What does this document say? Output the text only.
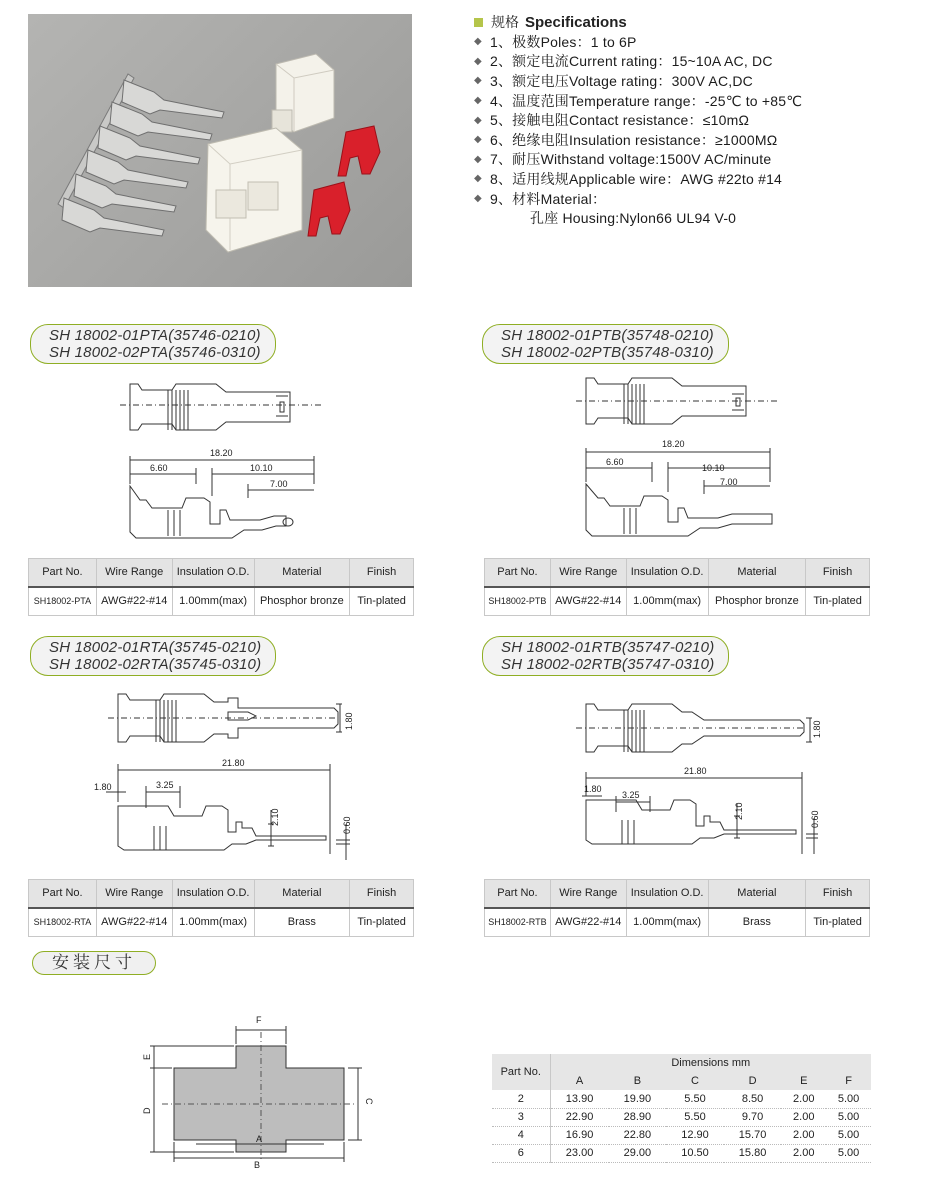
规格 Specifications
◆ 1、极数Poles：1 to 6P
◆ 2、额定电流Current rating：15~10A AC, DC
◆ 3、额定电压Voltage rating：300V AC,DC
◆ 4、温度范围Temperature range：-25℃ to +85℃
◆ 5、接触电阻Contact resistance：≤10mΩ
◆ 6、绝缘电阻Insulation resistance：≥1000MΩ
◆ 7、耐压Withstand voltage:1500V AC/minute
◆ 8、适用线规Applicable wire：AWG #22to #14
◆ 9、材料Material：
孔座 Housing:Nylon66 UL94 V-0
SH 18002-01PTA(35746-0210)
SH 18002-02PTA(35746-0310)
18.20
6.60	10.10
7.00
Part No.	Wire Range	Insulation O.D.	Material	Finish
SH18002-PTA	AWG#22-#14	1.00mm(max)	Phosphor bronze	Tin-plated
SH 18002-01PTB(35748-0210)
SH 18002-02PTB(35748-0310)
18.20
6.60
10.10
7.00
Part No.	Wire Range	Insulation O.D.	Material	Finish
SH18002-PTB	AWG#22-#14	1.00mm(max)	Phosphor bronze	Tin-plated
SH 18002-01RTA(35745-0210)
SH 18002-02RTA(35745-0310)
21.80
1.80	3.25
2.10	0.60
1.80
Part No.	Wire Range	Insulation O.D.	Material	Finish
SH18002-RTA	AWG#22-#14	1.00mm(max)	Brass	Tin-plated
SH 18002-01RTB(35747-0210)
SH 18002-02RTB(35747-0310)
21.80
1.80
3.25
2.10	0.60
1.80
Part No.	Wire Range	Insulation O.D.	Material	Finish
SH18002-RTB	AWG#22-#14	1.00mm(max)	Brass	Tin-plated
安装尺寸
F
E
D
C
A
B
Part No.	Dimensions mm					
	A	B	C	D	E	F
2	13.90	19.90	5.50	8.50	2.00	5.00
3	22.90	28.90	5.50	9.70	2.00	5.00
4	16.90	22.80	12.90	15.70	2.00	5.00
6	23.00	29.00	10.50	15.80	2.00	5.00
